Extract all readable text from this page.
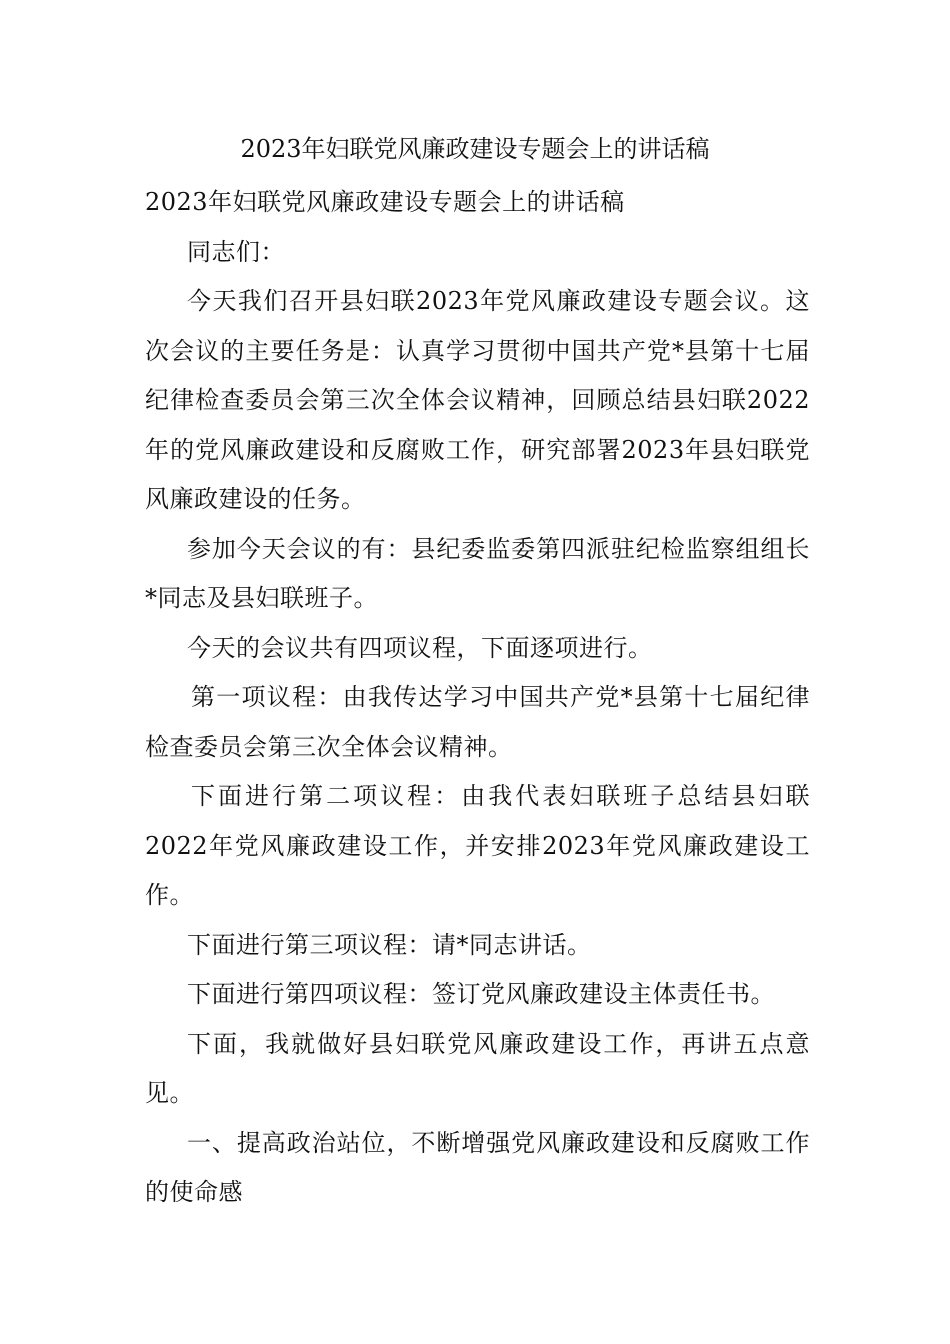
2023年妇联党风廉政建设专题会上的讲话稿

2023年妇联党风廉政建设专题会上的讲话稿

同志们：

今天我们召开县妇联2023年党风廉政建设专题会议。这次会议的主要任务是：认真学习贯彻中国共产党*县第十七届纪律检查委员会第三次全体会议精神，回顾总结县妇联2022年的党风廉政建设和反腐败工作，研究部署2023年县妇联党风廉政建设的任务。

参加今天会议的有：县纪委监委第四派驻纪检监察组组长*同志及县妇联班子。

今天的会议共有四项议程，下面逐项进行。

第一项议程：由我传达学习中国共产党*县第十七届纪律检查委员会第三次全体会议精神。

下面进行第二项议程：由我代表妇联班子总结县妇联2022年党风廉政建设工作，并安排2023年党风廉政建设工作。

下面进行第三项议程：请*同志讲话。

下面进行第四项议程：签订党风廉政建设主体责任书。

下面，我就做好县妇联党风廉政建设工作，再讲五点意见。

一、提高政治站位，不断增强党风廉政建设和反腐败工作的使命感
